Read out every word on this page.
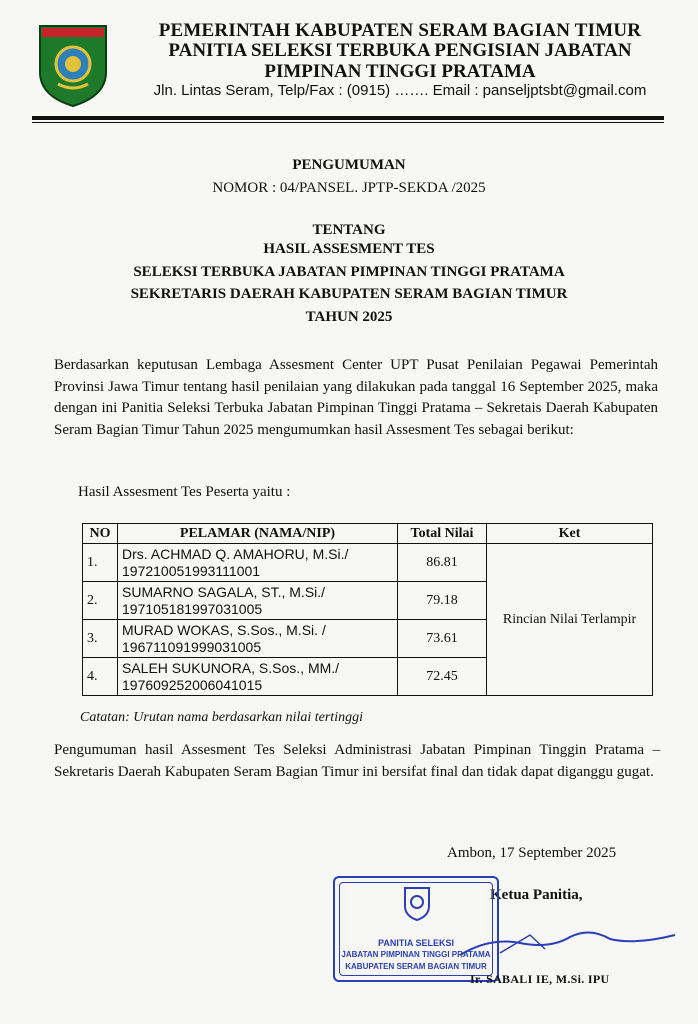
PEMERINTAH KABUPATEN SERAM BAGIAN TIMUR
PANITIA SELEKSI TERBUKA PENGISIAN JABATAN
PIMPINAN TINGGI PRATAMA
Jln. Lintas Seram, Telp/Fax : (0915) ……. Email : panseljptsbt@gmail.com
PENGUMUMAN
NOMOR : 04/PANSEL. JPTP-SEKDA /2025
TENTANG
HASIL ASSESMENT TES
SELEKSI TERBUKA JABATAN PIMPINAN TINGGI PRATAMA
SEKRETARIS DAERAH KABUPATEN SERAM BAGIAN TIMUR
TAHUN 2025
Berdasarkan keputusan Lembaga Assesment Center UPT Pusat Penilaian Pegawai Pemerintah Provinsi Jawa Timur tentang hasil penilaian yang dilakukan pada tanggal 16 September 2025, maka dengan ini Panitia Seleksi Terbuka Jabatan Pimpinan Tinggi Pratama – Sekretais Daerah Kabupaten Seram Bagian Timur Tahun 2025 mengumumkan hasil Assesment Tes sebagai berikut:
Hasil Assesment Tes Peserta yaitu :
NO	PELAMAR (NAMA/NIP)	Total Nilai	Ket
1.	Drs. ACHMAD Q. AMAHORU, M.Si./
197210051993111001	86.81	Rincian Nilai Terlampir
2.	SUMARNO SAGALA, ST., M.Si./
197105181997031005	79.18	
3.	MURAD WOKAS, S.Sos., M.Si. /
196711091999031005	73.61	
4.	SALEH SUKUNORA, S.Sos., MM./
197609252006041015	72.45	
Catatan: Urutan nama berdasarkan nilai tertinggi
Pengumuman hasil Assesment Tes Seleksi Administrasi Jabatan Pimpinan Tinggin Pratama – Sekretaris Daerah Kabupaten Seram Bagian Timur ini bersifat final dan tidak dapat diganggu gugat.
Ambon, 17 September 2025
Ketua Panitia,
PANITIA SELEKSI
JABATAN PIMPINAN TINGGI PRATAMA
KABUPATEN SERAM BAGIAN TIMUR
Ir. SABALI IE, M.Si. IPU
